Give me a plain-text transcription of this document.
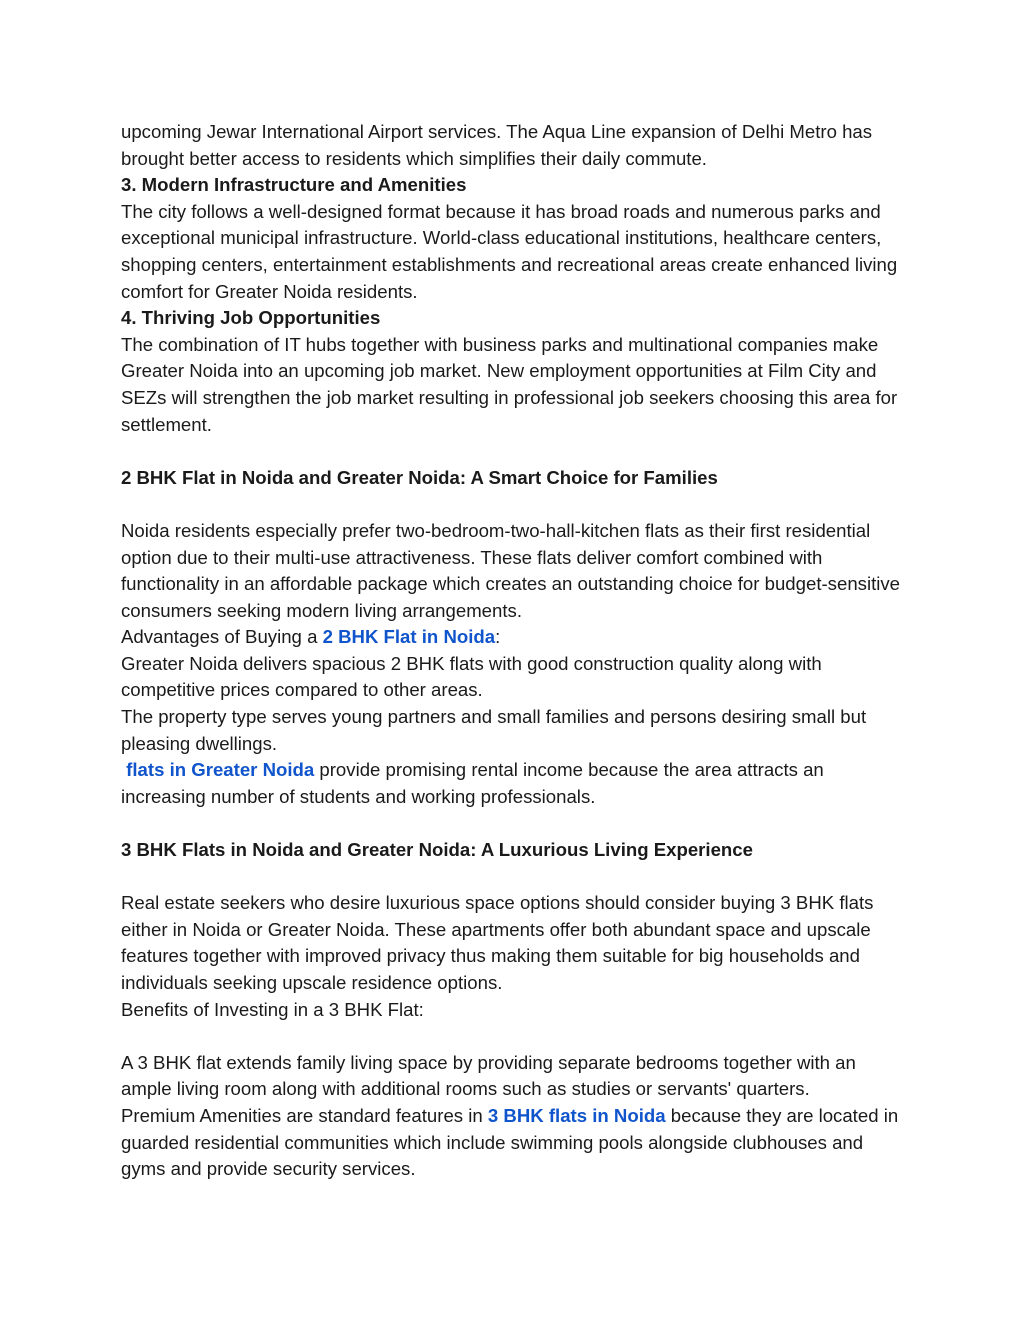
upcoming Jewar International Airport services. The Aqua Line expansion of Delhi Metro has brought better access to residents which simplifies their daily commute.

3. Modern Infrastructure and Amenities

The city follows a well-designed format because it has broad roads and numerous parks and exceptional municipal infrastructure. World-class educational institutions, healthcare centers, shopping centers, entertainment establishments and recreational areas create enhanced living comfort for Greater Noida residents.

4. Thriving Job Opportunities

The combination of IT hubs together with business parks and multinational companies make Greater Noida into an upcoming job market. New employment opportunities at Film City and SEZs will strengthen the job market resulting in professional job seekers choosing this area for settlement.

2 BHK Flat in Noida and Greater Noida: A Smart Choice for Families

Noida residents especially prefer two-bedroom-two-hall-kitchen flats as their first residential option due to their multi-use attractiveness. These flats deliver comfort combined with functionality in an affordable package which creates an outstanding choice for budget-sensitive consumers seeking modern living arrangements.

Advantages of Buying a 2 BHK Flat in Noida:

Greater Noida delivers spacious 2 BHK flats with good construction quality along with competitive prices compared to other areas.

The property type serves young partners and small families and persons desiring small but pleasing dwellings.

flats in Greater Noida provide promising rental income because the area attracts an increasing number of students and working professionals.

3 BHK Flats in Noida and Greater Noida: A Luxurious Living Experience

Real estate seekers who desire luxurious space options should consider buying 3 BHK flats either in Noida or Greater Noida. These apartments offer both abundant space and upscale features together with improved privacy thus making them suitable for big households and individuals seeking upscale residence options.

Benefits of Investing in a 3 BHK Flat:

A 3 BHK flat extends family living space by providing separate bedrooms together with an ample living room along with additional rooms such as studies or servants' quarters.

Premium Amenities are standard features in 3 BHK flats in Noida because they are located in guarded residential communities which include swimming pools alongside clubhouses and gyms and provide security services.
